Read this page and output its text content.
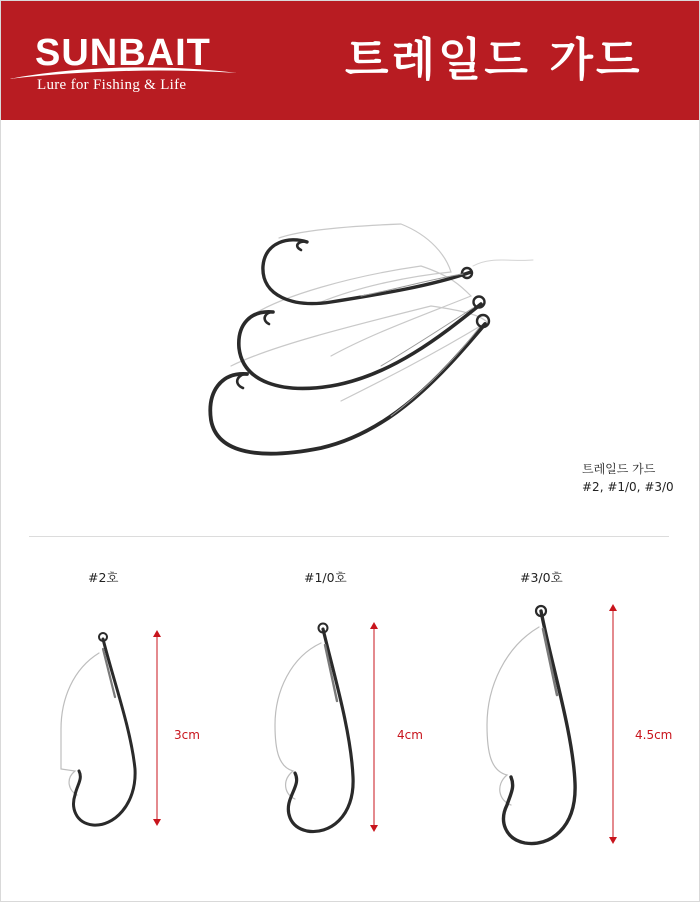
SUNBAIT
Lure for Fishing & Life	트레일드 가드
트레일드 가드
#2, #1/0, #3/0
#2호
3cm
#1/0호
4cm
#3/0호
4.5cm
